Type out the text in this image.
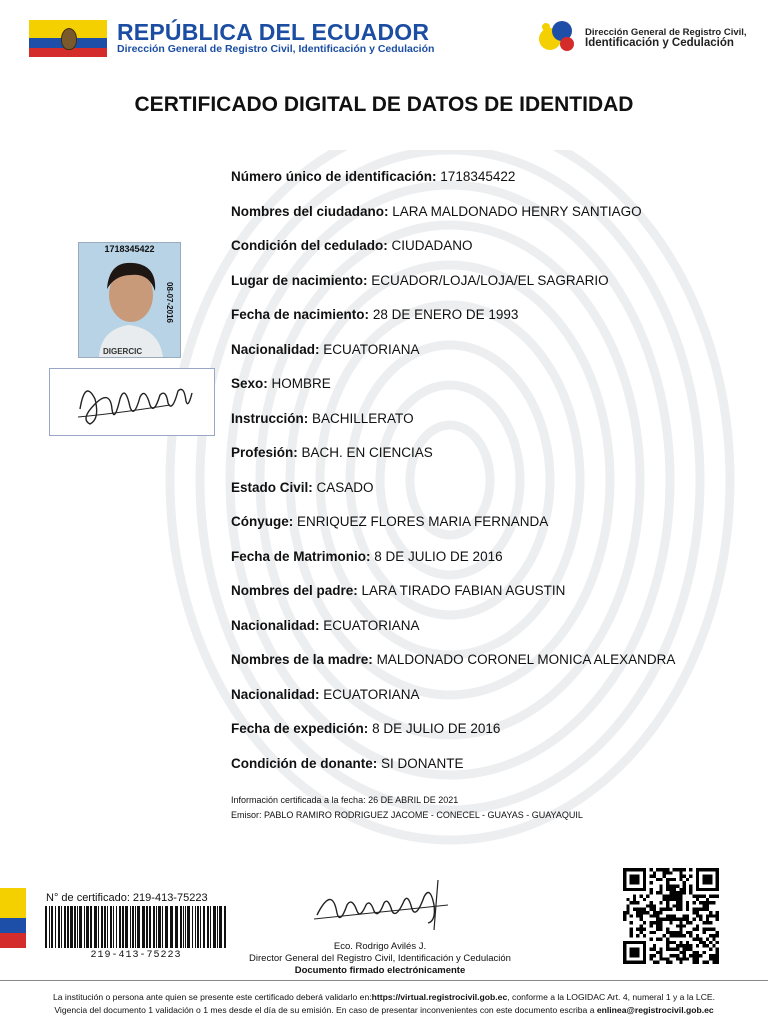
REPÚBLICA DEL ECUADOR
Dirección General de Registro Civil, Identificación y Cedulación
Dirección General de Registro Civil,
Identificación y Cedulación
CERTIFICADO DIGITAL DE DATOS DE IDENTIDAD
1718345422
08-07-2016
DIGERCIC
Número único de identificación: 1718345422
Nombres del ciudadano: LARA MALDONADO HENRY SANTIAGO
Condición del cedulado: CIUDADANO
Lugar de nacimiento: ECUADOR/LOJA/LOJA/EL SAGRARIO
Fecha de nacimiento: 28 DE ENERO DE 1993
Nacionalidad: ECUATORIANA
Sexo: HOMBRE
Instrucción: BACHILLERATO
Profesión: BACH. EN CIENCIAS
Estado Civil: CASADO
Cónyuge: ENRIQUEZ FLORES MARIA FERNANDA
Fecha de Matrimonio: 8 DE JULIO DE 2016
Nombres del padre: LARA TIRADO FABIAN AGUSTIN
Nacionalidad: ECUATORIANA
Nombres de la madre: MALDONADO CORONEL MONICA ALEXANDRA
Nacionalidad: ECUATORIANA
Fecha de expedición: 8 DE JULIO DE 2016
Condición de donante: SI DONANTE
Información certificada a la fecha: 26 DE ABRIL DE 2021
Emisor: PABLO RAMIRO RODRIGUEZ JACOME - CONECEL - GUAYAS - GUAYAQUIL
N° de certificado: 219-413-75223
219-413-75223
Eco. Rodrigo Avilés J.
Director General del Registro Civil, Identificación y Cedulación
Documento firmado electrónicamente
La institución o persona ante quien se presente este certificado deberá validarlo en:https://virtual.registrocivil.gob.ec, conforme a la LOGIDAC Art. 4, numeral 1 y a la LCE.
Vigencia del documento 1 validación o 1 mes desde el día de su emisión. En caso de presentar inconvenientes con este documento escriba a enlinea@registrocivil.gob.ec
